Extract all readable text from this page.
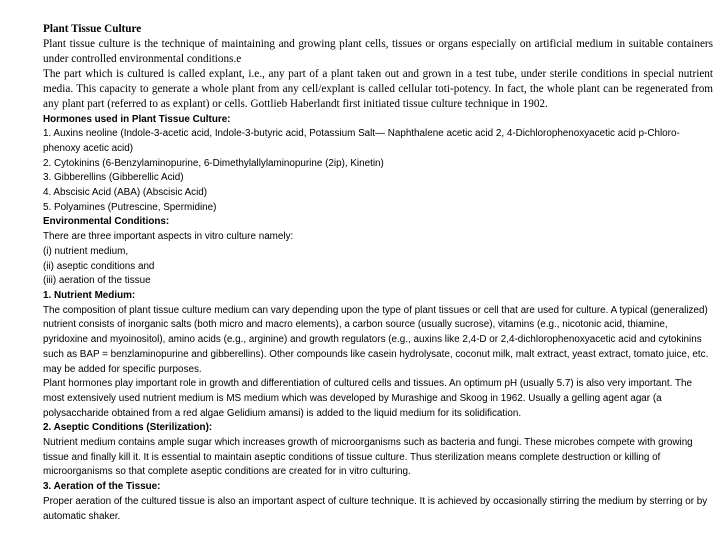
Plant Tissue Culture

Plant tissue culture is the technique of maintaining and growing plant cells, tissues or organs especially on artificial medium in suitable containers under controlled environmental conditions.e

The part which is cultured is called explant, i.e., any part of a plant taken out and grown in a test tube, under sterile conditions in special nutrient media. This capacity to generate a whole plant from any cell/explant is called cellular toti-potency. In fact, the whole plant can be regenerated from any plant part (referred to as explant) or cells. Gottlieb Haberlandt first initiated tissue culture technique in 1902.

Hormones used in Plant Tissue Culture:
1. Auxins neoline (Indole-3-acetic acid, Indole-3-butyric acid, Potassium Salt— Naphthalene acetic acid 2, 4-Dichlorophenoxyacetic acid p-Chloro-phenoxy acetic acid)
2. Cytokinins (6-Benzylaminopurine, 6-Dimethylallylaminopurine (2ip), Kinetin)
3. Gibberellins (Gibberellic Acid)
4. Abscisic Acid (ABA) (Abscisic Acid)
5. Polyamines (Putrescine, Spermidine)
Environmental Conditions:
There are three important aspects in vitro culture namely:
(i) nutrient medium,
(ii) aseptic conditions and
(iii) aeration of the tissue
1. Nutrient Medium:

The composition of plant tissue culture medium can vary depending upon the type of plant tissues or cell that are used for culture. A typical (generalized) nutrient consists of inorganic salts (both micro and macro elements), a carbon source (usually sucrose), vitamins (e.g., nicotonic acid, thiamine, pyridoxine and myoinositol), amino acids (e.g., arginine) and growth regulators (e.g., auxins like 2,4-D or 2,4-dichlorophenoxyacetic acid and cytokinins such as BAP = benzlaminopurine and gibberellins). Other compounds like casein hydrolysate, coconut milk, malt extract, yeast extract, tomato juice, etc. may be added for specific purposes.

Plant hormones play important role in growth and differentiation of cultured cells and tissues. An optimum pH (usually 5.7) is also very important. The most extensively used nutrient medium is MS medium which was developed by Murashige and Skoog in 1962. Usually a gelling agent agar (a polysaccharide obtained from a red algae Gelidium amansi) is added to the liquid medium for its solidification.

2. Aseptic Conditions (Sterilization):

Nutrient medium contains ample sugar which increases growth of microorganisms such as bacteria and fungi. These microbes compete with growing tissue and finally kill it. It is essential to maintain aseptic conditions of tissue culture. Thus sterilization means complete destruction or killing of microorganisms so that complete aseptic conditions are created for in vitro culturing.

3. Aeration of the Tissue:

Proper aeration of the cultured tissue is also an important aspect of culture technique. It is achieved by occasionally stirring the medium by sterring or by automatic shaker.
